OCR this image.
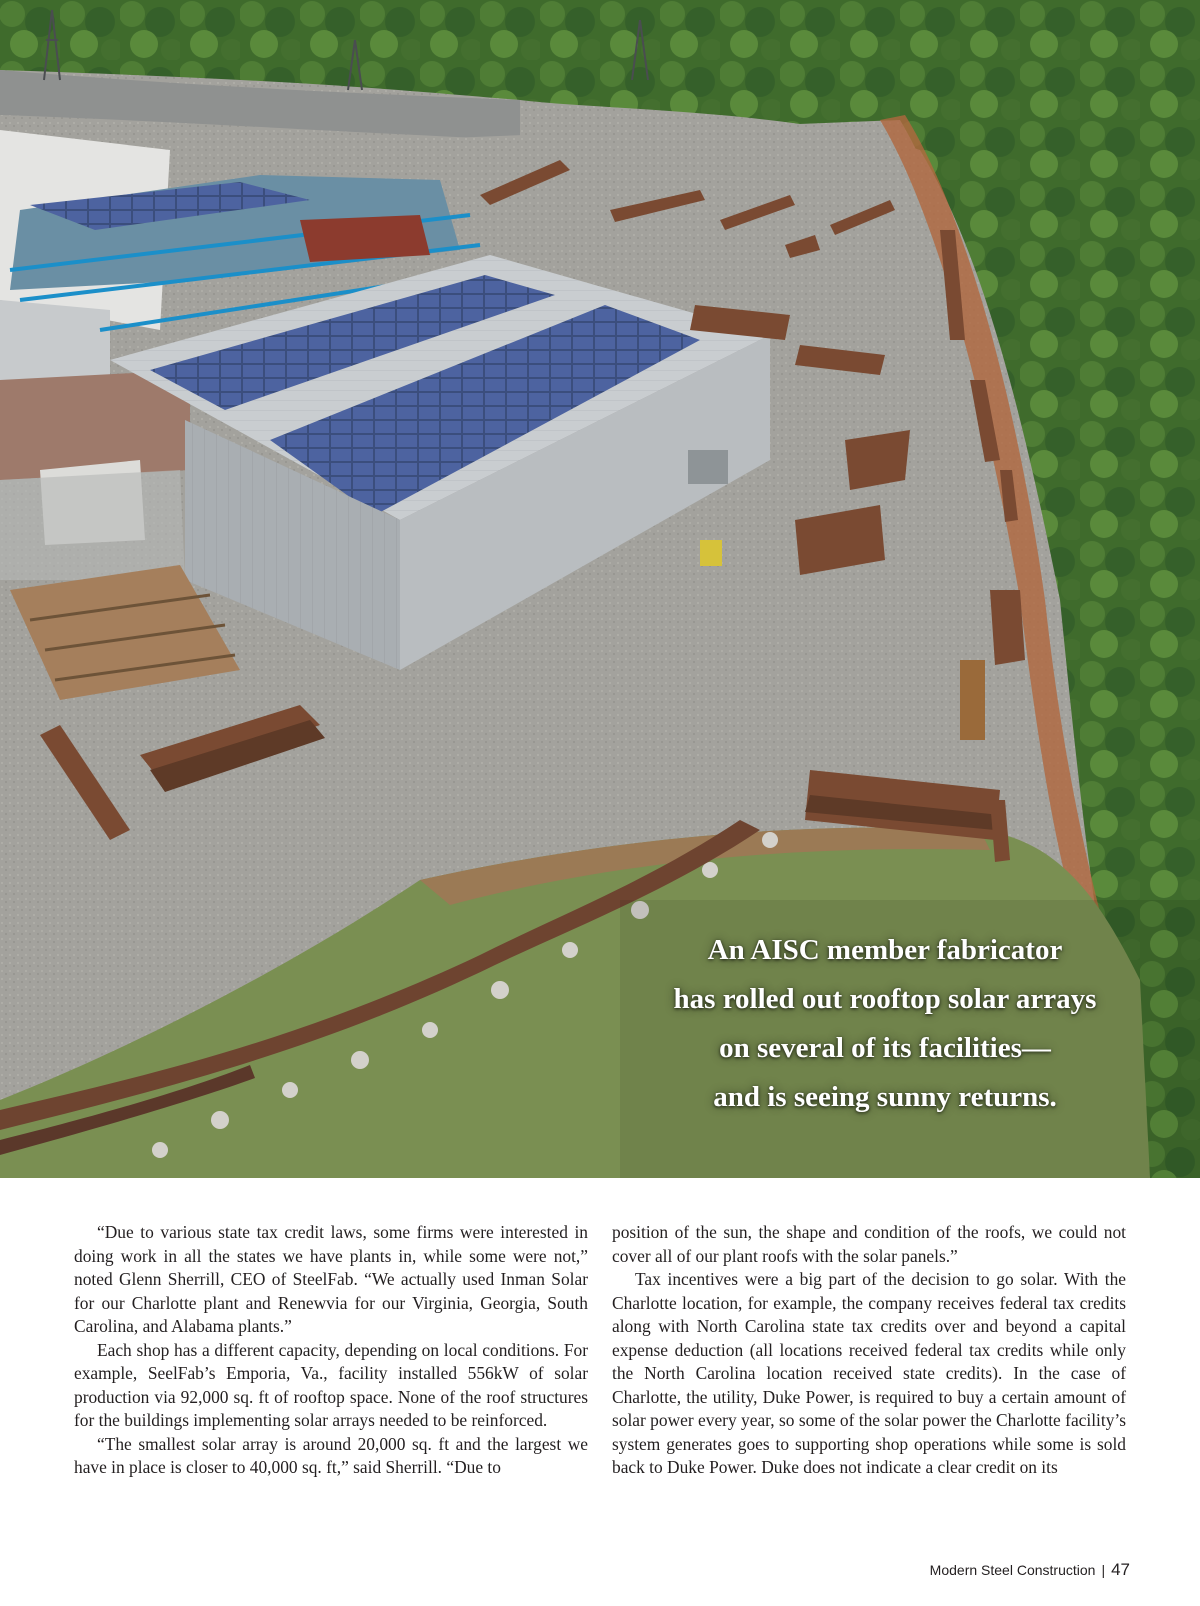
An AISC member fabricator
has rolled out rooftop solar arrays
on several of its facilities—
and is seeing sunny returns.

“Due to various state tax credit laws, some firms were interested in doing work in all the states we have plants in, while some were not,” noted Glenn Sherrill, CEO of SteelFab. “We actually used Inman Solar for our Charlotte plant and Renewvia for our Virginia, Georgia, South Carolina, and Alabama plants.”

Each shop has a different capacity, depending on local conditions. For example, SeelFab’s Emporia, Va., facility installed 556kW of solar production via 92,000 sq. ft of rooftop space. None of the roof structures for the buildings implementing solar arrays needed to be reinforced.

“The smallest solar array is around 20,000 sq. ft and the largest we have in place is closer to 40,000 sq. ft,” said Sherrill. “Due to

position of the sun, the shape and condition of the roofs, we could not cover all of our plant roofs with the solar panels.”

Tax incentives were a big part of the decision to go solar. With the Charlotte location, for example, the company receives federal tax credits along with North Carolina state tax credits over and beyond a capital expense deduction (all locations received federal tax credits while only the North Carolina location received state credits). In the case of Charlotte, the utility, Duke Power, is required to buy a certain amount of solar power every year, so some of the solar power the Charlotte facility’s system generates goes to supporting shop operations while some is sold back to Duke Power. Duke does not indicate a clear credit on its

Modern Steel Construction | 47
